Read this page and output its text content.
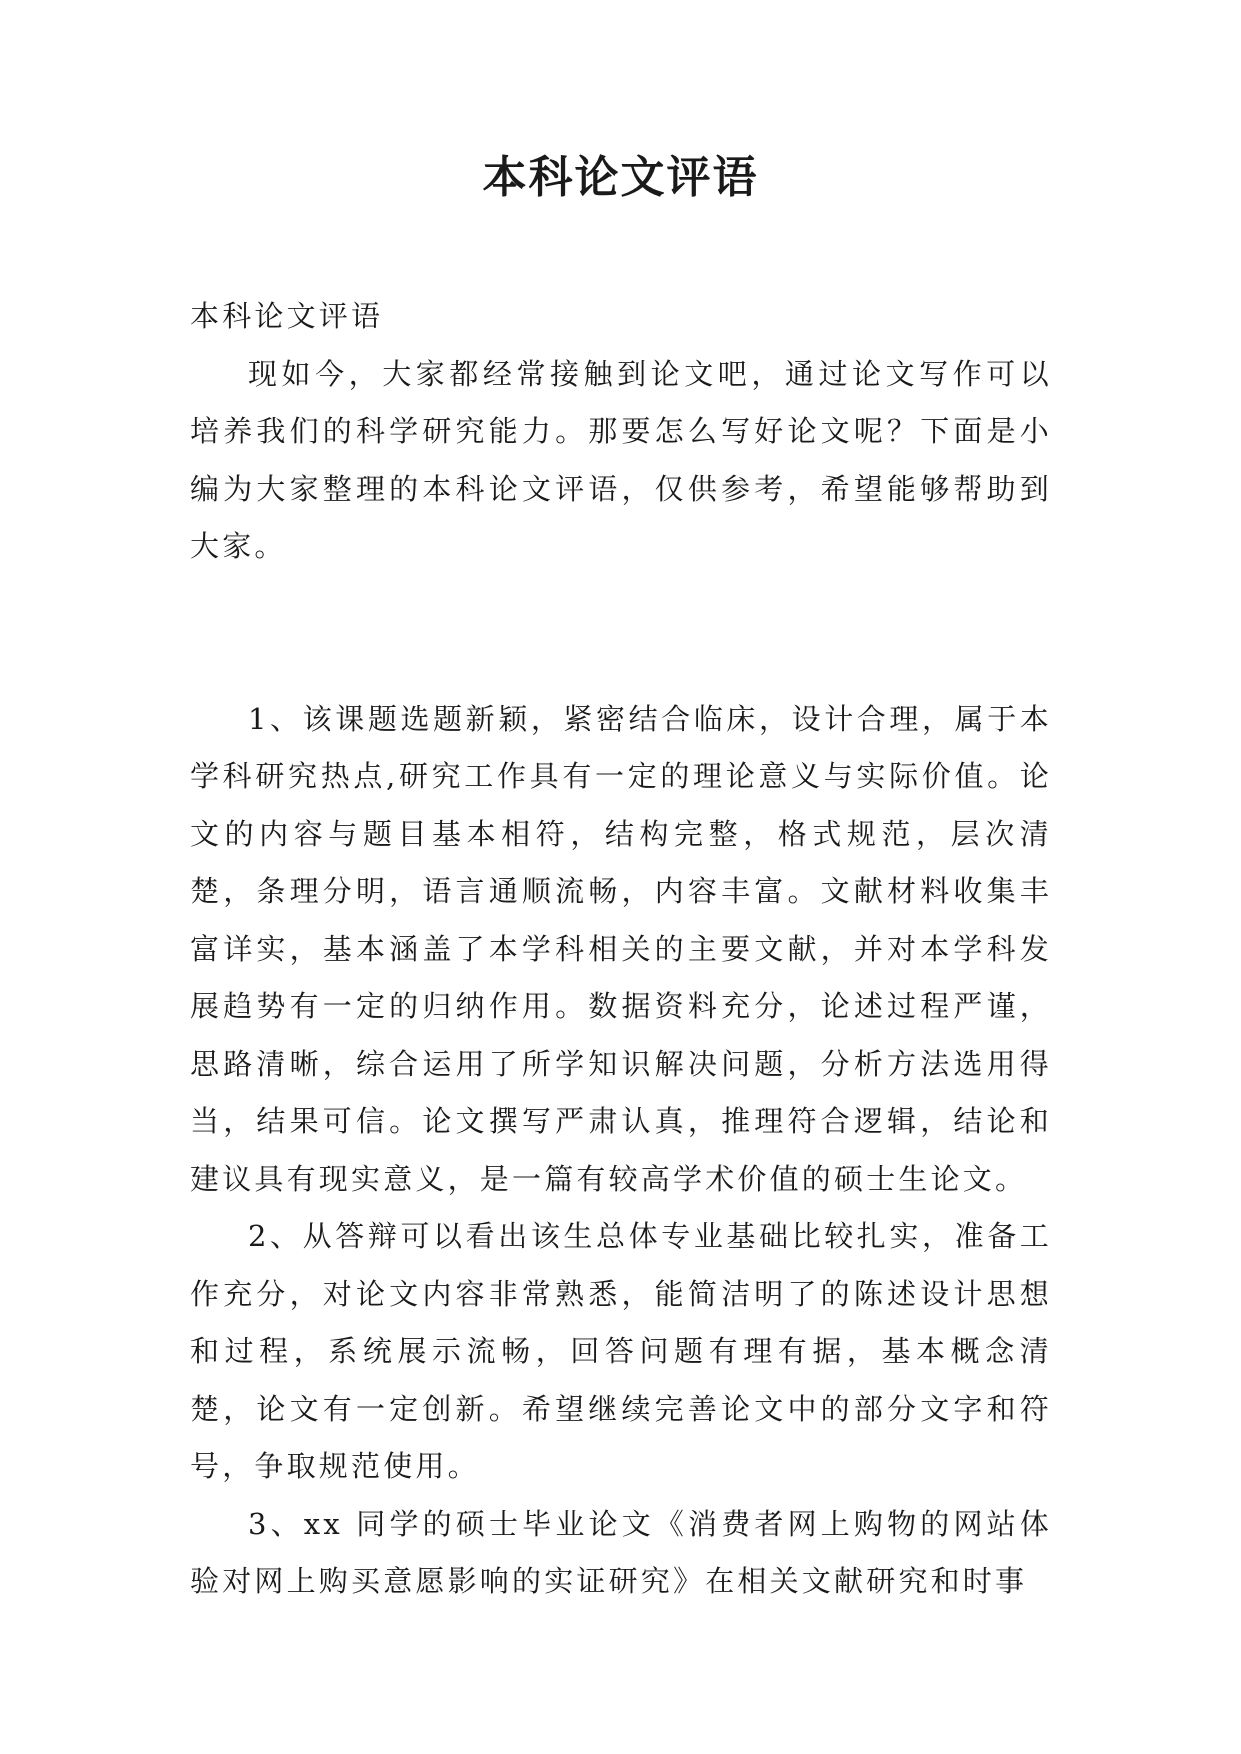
本科论文评语

本科论文评语

现如今，大家都经常接触到论文吧，通过论文写作可以培养我们的科学研究能力。那要怎么写好论文呢？下面是小编为大家整理的本科论文评语，仅供参考，希望能够帮助到大家。

1、该课题选题新颖，紧密结合临床，设计合理，属于本学科研究热点,研究工作具有一定的理论意义与实际价值。论文的内容与题目基本相符，结构完整，格式规范，层次清楚，条理分明，语言通顺流畅，内容丰富。文献材料收集丰富详实，基本涵盖了本学科相关的主要文献，并对本学科发展趋势有一定的归纳作用。数据资料充分，论述过程严谨，思路清晰，综合运用了所学知识解决问题，分析方法选用得当，结果可信。论文撰写严肃认真，推理符合逻辑，结论和建议具有现实意义，是一篇有较高学术价值的硕士生论文。

2、从答辩可以看出该生总体专业基础比较扎实，准备工作充分，对论文内容非常熟悉，能简洁明了的陈述设计思想和过程，系统展示流畅，回答问题有理有据，基本概念清楚，论文有一定创新。希望继续完善论文中的部分文字和符号，争取规范使用。

3、xx 同学的硕士毕业论文《消费者网上购物的网站体验对网上购买意愿影响的实证研究》在相关文献研究和时事
